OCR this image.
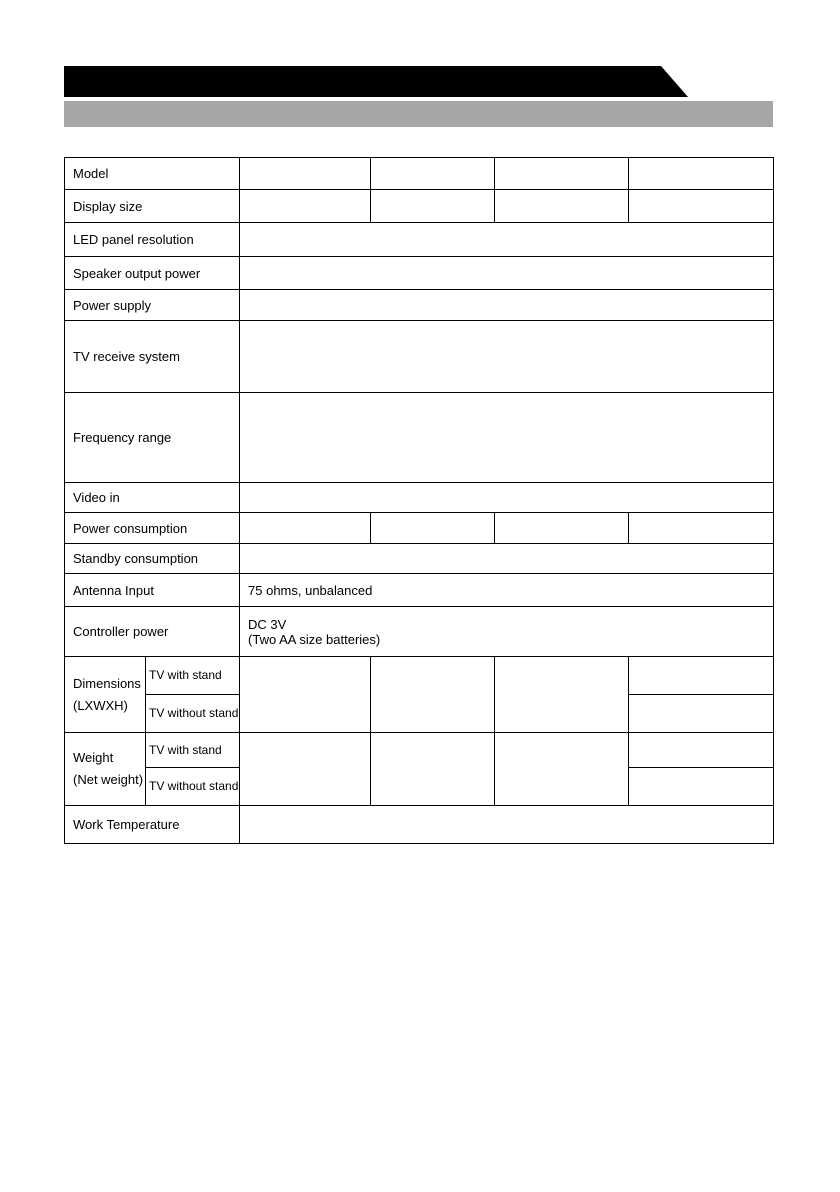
Model					
Display size					
LED panel resolution					
Speaker output power					
Power supply					
TV receive system					
Frequency range					
Video in					
Power consumption					
Standby consumption					
Antenna Input		75 ohms, unbalanced			
Controller power		DC 3V
(Two AA size batteries)			

Dimensions
(LXWXH)	TV with stand				
	TV without stand				

Weight
(Net weight)	TV with stand				
	TV without stand				
Work Temperature					
